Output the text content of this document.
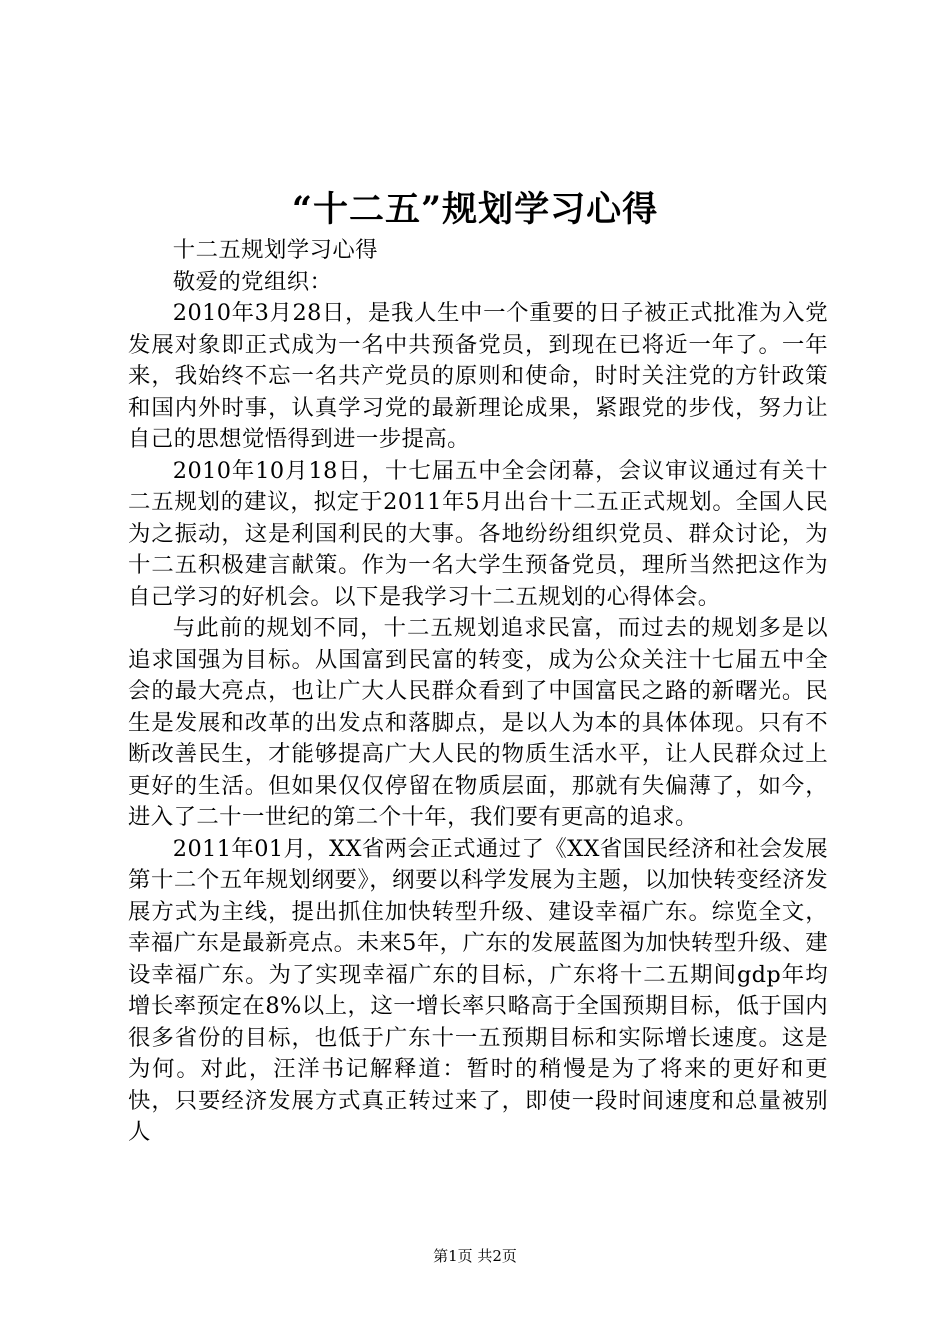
“十二五”规划学习心得

十二五规划学习心得

敬爱的党组织：

2010年3月28日，是我人生中一个重要的日子被正式批准为入党发展对象即正式成为一名中共预备党员，到现在已将近一年了。一年来，我始终不忘一名共产党员的原则和使命，时时关注党的方针政策和国内外时事，认真学习党的最新理论成果，紧跟党的步伐，努力让自己的思想觉悟得到进一步提高。

2010年10月18日，十七届五中全会闭幕，会议审议通过有关十二五规划的建议，拟定于2011年5月出台十二五正式规划。全国人民为之振动，这是利国利民的大事。各地纷纷组织党员、群众讨论，为十二五积极建言献策。作为一名大学生预备党员，理所当然把这作为自己学习的好机会。以下是我学习十二五规划的心得体会。

与此前的规划不同，十二五规划追求民富，而过去的规划多是以追求国强为目标。从国富到民富的转变，成为公众关注十七届五中全会的最大亮点，也让广大人民群众看到了中国富民之路的新曙光。民生是发展和改革的出发点和落脚点，是以人为本的具体体现。只有不断改善民生，才能够提高广大人民的物质生活水平，让人民群众过上更好的生活。但如果仅仅停留在物质层面，那就有失偏薄了，如今，进入了二十一世纪的第二个十年，我们要有更高的追求。

2011年01月，XX省两会正式通过了《XX省国民经济和社会发展第十二个五年规划纲要》，纲要以科学发展为主题，以加快转变经济发展方式为主线，提出抓住加快转型升级、建设幸福广东。综览全文，幸福广东是最新亮点。未来5年，广东的发展蓝图为加快转型升级、建设幸福广东。为了实现幸福广东的目标，广东将十二五期间gdp年均增长率预定在8%以上，这一增长率只略高于全国预期目标，低于国内很多省份的目标，也低于广东十一五预期目标和实际增长速度。这是为何。对此，汪洋书记解释道：暂时的稍慢是为了将来的更好和更快，只要经济发展方式真正转过来了，即使一段时间速度和总量被别人

第1页 共2页
